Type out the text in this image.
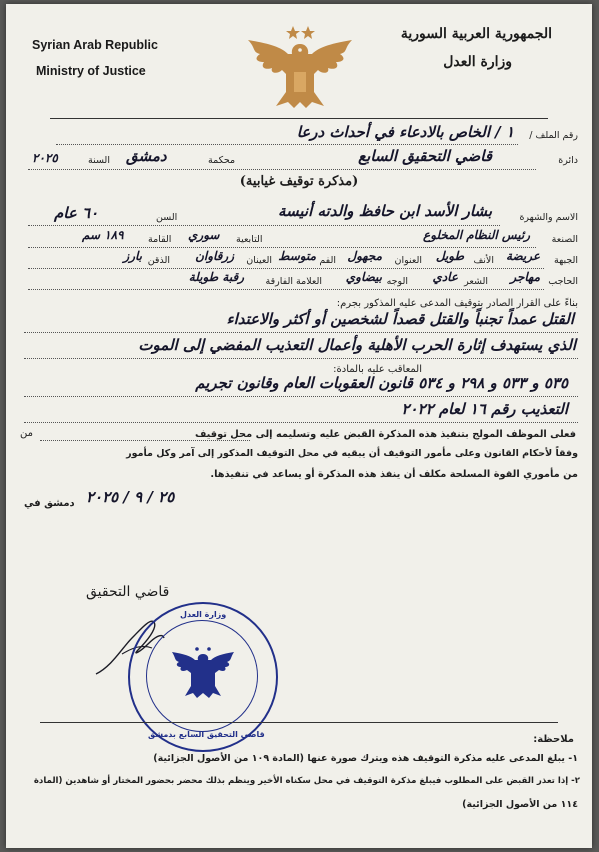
Syrian Arab Republic
Ministry of Justice
الجمهورية العربية السورية
وزارة العدل
رقم الملف /
١ / الخاص بالادعاء في أحداث درعا
دائرة
قاضي التحقيق السابع
محكمة
دمشق
السنة
٢٠٢٥
(مذكرة توقيف غيابية)
الاسم والشهرة
بشار الأسد ابن حافظ والدته أنيسة
السن
٦٠ عام
الصنعة
رئيس النظام المخلوع
التابعية
سوري
القامة
١٨٩ سم
الجبهة
عريضة
الأنف
طويل
العنوان
مجهول
الفم
متوسط
العينان
زرقاوان
الذقن
بارز
الحاجب
مهاجر
الشعر
عادي
الوجه
بيضاوي
العلامة الفارقة
رقبة طويلة
بناءً على القرار الصادر بتوقيف المدعى عليه المذكور بجرم:
القتل عمداً تجنباً والقتل قصداً لشخصين أو أكثر والاعتداء
الذي يستهدف إثارة الحرب الأهلية وأعمال التعذيب المفضي إلى الموت
المعاقب عليه بالمادة:
٥٣٥ و ٥٣٣ و ٢٩٨ و ٥٣٤ قانون العقوبات العام وقانون تجريم
التعذيب رقم ١٦ لعام ٢٠٢٢
من	فعلى الموظف المولج بتنفيذ هذه المذكرة القبض عليه وتسليمه إلى محل توقيف
وفقاً لأحكام القانون وعلى مأمور التوقيف أن يبقيه في محل التوقيف المذكور إلى آمر وكل مأمور
من مأموري القوة المسلحة مكلف أن ينفذ هذه المذكرة أو يساعد في تنفيذها.
دمشق في ٢٥ / ٩ / ٢٠٢٥
قاضي التحقيق
وزارة العدل
قاضي التحقيق السابع بدمشق	ملاحظة:
١- يبلغ المدعى عليه مذكرة التوقيف هذه ويترك صورة عنها (المادة ١٠٩ من الأصول الجزائية)
٢- إذا تعذر القبض على المطلوب فيبلغ مذكرة التوقيف في محل سكناه الأخير وينظم بذلك محضر بحضور المختار أو شاهدين (المادة
١١٤ من الأصول الجزائية)
